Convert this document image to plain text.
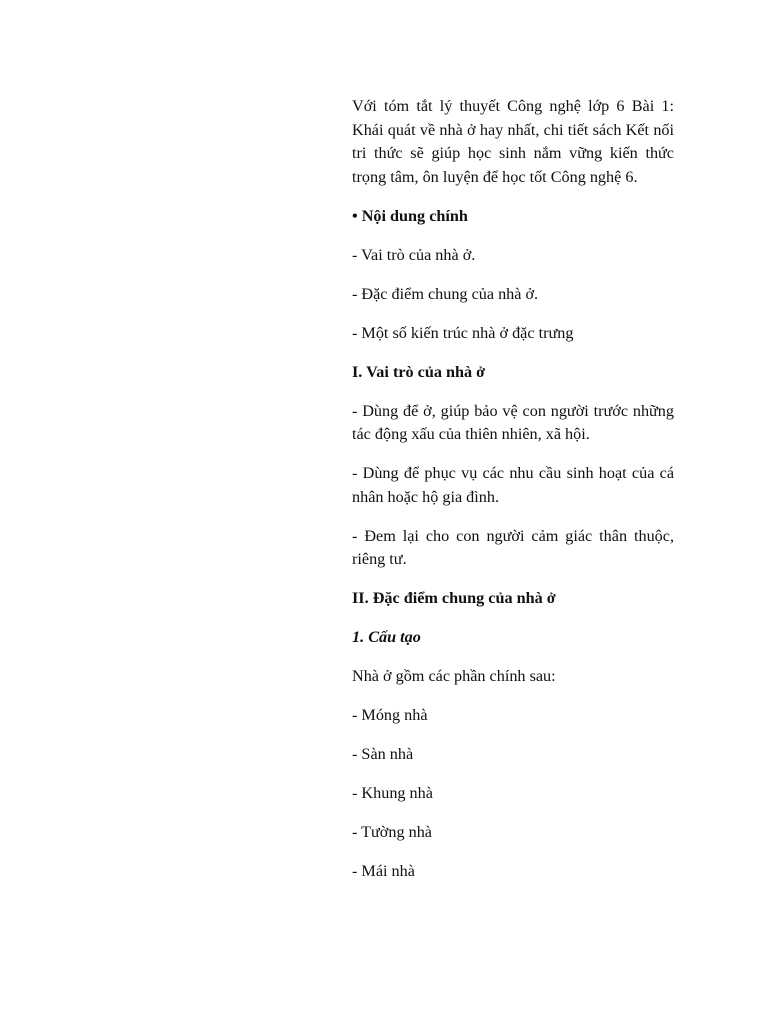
Với tóm tắt lý thuyết Công nghệ lớp 6 Bài 1: Khái quát về nhà ở hay nhất, chi tiết sách Kết nối tri thức sẽ giúp học sinh nắm vững kiến thức trọng tâm, ôn luyện để học tốt Công nghệ 6.

• Nội dung chính

- Vai trò của nhà ở.

- Đặc điểm chung của nhà ở.

- Một số kiến trúc nhà ở đặc trưng

I. Vai trò của nhà ở

- Dùng để ở, giúp bảo vệ con người trước những tác động xấu của thiên nhiên, xã hội.

- Dùng để phục vụ các nhu cầu sinh hoạt của cá nhân hoặc hộ gia đình.

- Đem lại cho con người cảm giác thân thuộc, riêng tư.

II. Đặc điểm chung của nhà ở

1. Cấu tạo

Nhà ở gồm các phần chính sau:

- Móng nhà

- Sàn nhà

- Khung nhà

- Tường nhà

- Mái nhà
